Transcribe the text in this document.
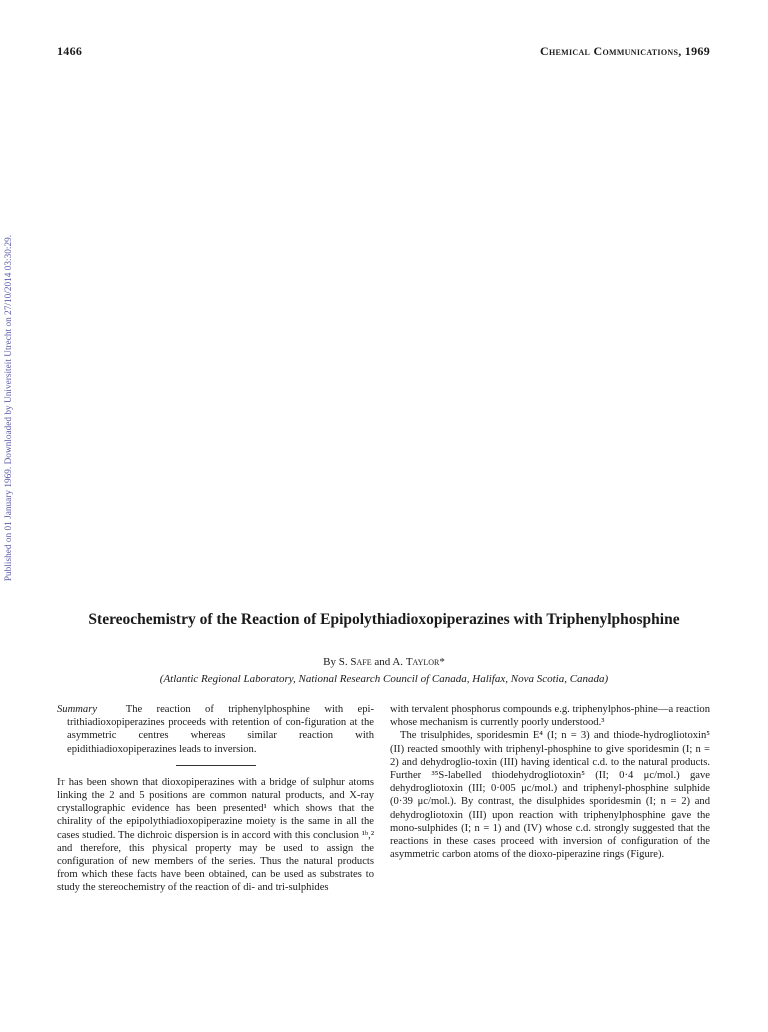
1466	Chemical Communications, 1969
Published on 01 January 1969. Downloaded by Universiteit Utrecht on 27/10/2014 03:30:29.
Stereochemistry of the Reaction of Epipolythiadioxopiperazines with Triphenylphosphine
By S. Safe and A. Taylor*
(Atlantic Regional Laboratory, National Research Council of Canada, Halifax, Nova Scotia, Canada)

Summary	The reaction of triphenylphosphine with epi-trithiadioxopiperazines proceeds with retention of con-figuration at the asymmetric centres whereas similar reaction with epidithiadioxopiperazines leads to inversion.

It has been shown that dioxopiperazines with a bridge of sulphur atoms linking the 2 and 5 positions are common natural products, and X-ray crystallographic evidence has been presented¹ which shows that the chirality of the epipolythiadioxopiperazine moiety is the same in all the cases studied. The dichroic dispersion is in accord with this conclusion ¹ᵇ,² and therefore, this physical property may be used to assign the configuration of new members of the series. Thus the natural products from which these facts have been obtained, can be used as substrates to study the stereochemistry of the reaction of di- and tri-sulphides

with tervalent phosphorus compounds e.g. triphenylphos-phine—a reaction whose mechanism is currently poorly understood.³

The trisulphides, sporidesmin E⁴ (I; n = 3) and thiode-hydrogliotoxin⁵ (II) reacted smoothly with triphenyl-phosphine to give sporidesmin (I; n = 2) and dehydroglio-toxin (III) having identical c.d. to the natural products. Further ³⁵S-labelled thiodehydrogliotoxin⁵ (II; 0·4 μc/mol.) gave dehydrogliotoxin (III; 0·005 μc/mol.) and triphenyl-phosphine sulphide (0·39 μc/mol.). By contrast, the disulphides sporidesmin (I; n = 2) and dehydrogliotoxin (III) upon reaction with triphenylphosphine gave the mono-sulphides (I; n = 1) and (IV) whose c.d. strongly suggested that the reactions in these cases proceed with inversion of configuration of the asymmetric carbon atoms of the dioxo-piperazine rings (Figure).
